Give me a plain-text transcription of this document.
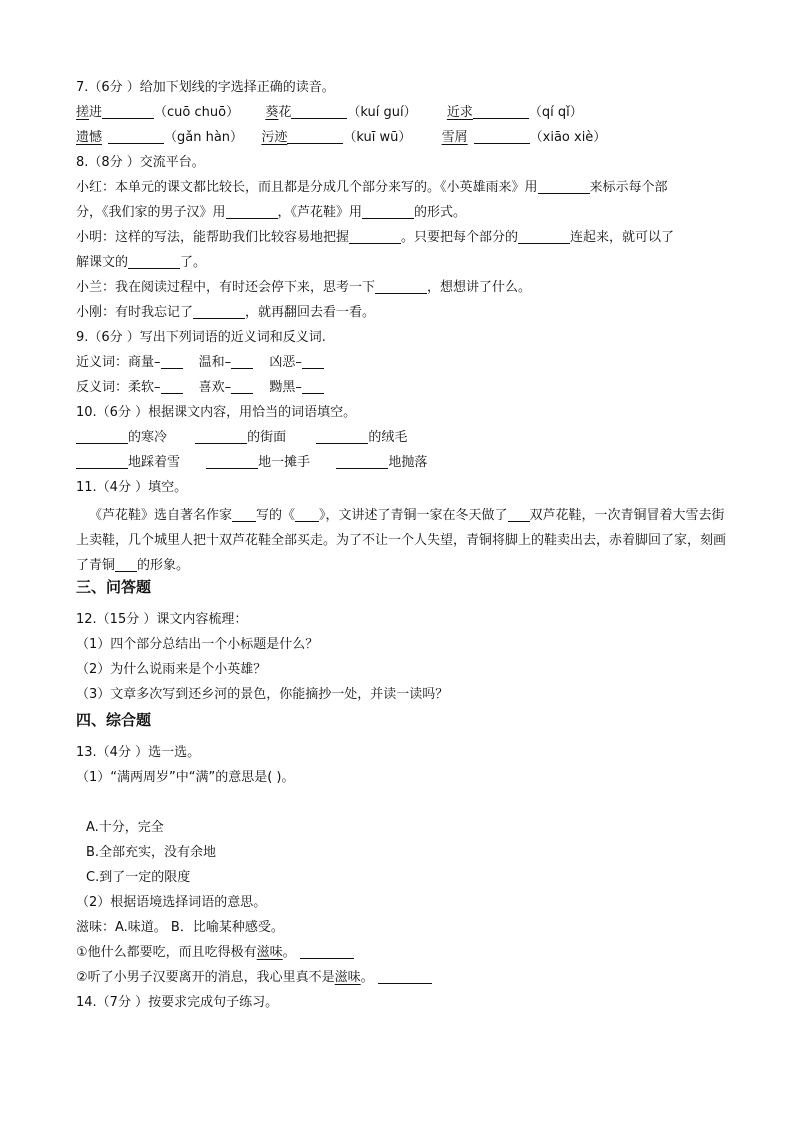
7.（6分 ）给加下划线的字选择正确的读音。
搓进	（cuō chuō） 葵花	（kuí guí） 近求	（qí qǐ）
遗憾	（gǎn hàn） 污迹	（kuī wū） 雪屑	（xiāo xiè）
8.（8分 ）交流平台。
小红：本单元的课文都比较长，而且都是分成几个部分来写的。《小英雄雨来》用	来标示每个部
分，《我们家的男子汉》用	，《芦花鞋》用	的形式。
小明：这样的写法，能帮助我们比较容易地把握	。只要把每个部分的	连起来，就可以了
解课文的	了。
小兰：我在阅读过程中，有时还会停下来，思考一下	，想想讲了什么。
小刚：有时我忘记了	，就再翻回去看一看。
9.（6分 ）写出下列词语的近义词和反义词.
近义词：商量–	温和–	凶恶–
反义词：柔软–	喜欢–	黝黑–
10.（6分 ）根据课文内容，用恰当的词语填空。
的寒冷	的街面	的绒毛
地踩着雪	地一摊手	地抛落
11.（4分 ）填空。
《芦花鞋》选自著名作家 写的《 》，文讲述了青铜一家在冬天做了 双芦花鞋，一次青铜冒着大雪去街上卖鞋，几个城里人把十双芦花鞋全部买走。为了不让一个人失望，青铜将脚上的鞋卖出去，赤着脚回了家，刻画了青铜 的形象。
三、问答题
12.（15分 ）课文内容梳理：
（1）四个部分总结出一个小标题是什么？
（2）为什么说雨来是个小英雄？
（3）文章多次写到还乡河的景色，你能摘抄一处，并读一读吗？
四、综合题
13.（4分 ）选一选。
（1）“满两周岁”中“满”的意思是( )。
A.十分，完全
B.全部充实，没有余地
C.到了一定的限度
（2）根据语境选择词语的意思。
滋味：A.味道。 B．比喻某种感受。
①他什么都要吃，而且吃得极有滋味。
②听了小男子汉要离开的消息，我心里真不是滋味。
14.（7分 ）按要求完成句子练习。
